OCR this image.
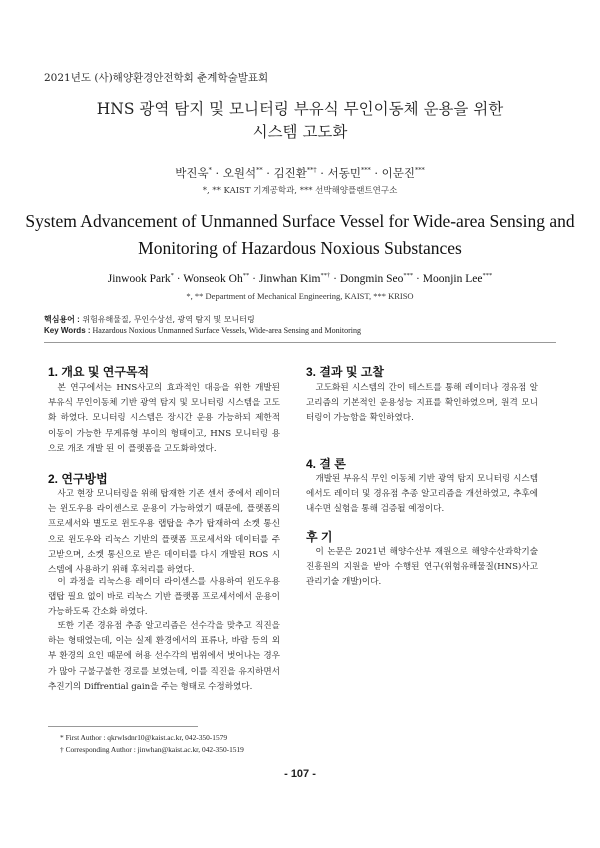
2021년도 (사)해양환경안전학회 춘계학술발표회
HNS 광역 탐지 및 모니터링 부유식 무인이동체 운용을 위한
시스템 고도화
박진욱* · 오원석** · 김진환**† · 서동민*** · 이문진***
*, ** KAIST 기계공학과, *** 선박해양플랜트연구소
System Advancement of Unmanned Surface Vessel for Wide-area Sensing and
Monitoring of Hazardous Noxious Substances
Jinwook Park* · Wonseok Oh** · Jinwhan Kim**† · Dongmin Seo*** · Moonjin Lee***
*, ** Department of Mechanical Engineering, KAIST, *** KRISO
핵심용어 : 위험유해물질, 무인수상선, 광역 탐지 및 모니터링
Key Words : Hazardous Noxious Unmanned Surface Vessels, Wide-area Sensing and Monitoring
1. 개요 및 연구목적
본 연구에서는 HNS사고의 효과적인 대응을 위한 개발된 부유식 무인이동체 기반 광역 탐지 및 모니터링 시스템을 고도화 하였다. 모니터링 시스템은 장시간 운용 가능하되 제한적 이동이 가능한 무게류형 부이의 형태이고, HNS 모니터링 용으로 개조 개발 된 이 플랫폼을 고도화하였다.
2. 연구방법
사고 현장 모니터링을 위해 탑재한 기존 센서 중에서 레이더는 윈도우용 라이센스로 운용이 가능하였기 때문에, 플랫폼의 프로세서와 별도로 윈도우용 랩탑을 추가 탑재하여 소켓 통신으로 윈도우와 리눅스 기반의 플랫폼 프로세서와 데이터를 주고받으며, 소켓 통신으로 받은 데이터를 다시 개발된 ROS 시스템에 사용하기 위해 후처리를 하였다.
이 과정을 리눅스용 레이더 라이센스를 사용하여 윈도우용 랩탑 필요 없이 바로 리눅스 기반 플랫폼 프로세서에서 운용이 가능하도록 간소화 하였다.
또한 기존 경유점 추종 알고리즘은 선수각을 맞추고 직진을 하는 형태였는데, 이는 실제 환경에서의 표류나, 바람 등의 외부 환경의 요인 때문에 허용 선수각의 범위에서 벗어나는 경우가 많아 구불구불한 경로를 보였는데, 이를 직진을 유지하면서 추진기의 Diffrential gain을 주는 형태로 수정하였다.
3. 결과 및 고찰
고도화된 시스템의 간이 테스트를 통해 레이더나 경유점 알고리즘의 기본적인 운용성능 지표를 확인하였으며, 원격 모니터링이 가능함을 확인하였다.
4. 결 론
개발된 부유식 무인 이동체 기반 광역 탐지 모니터링 시스템에서도 레이더 및 경유점 추종 알고리즘을 개선하였고, 추후에 내수면 실험을 통해 검증될 예정이다.
후 기
이 논문은 2021년 해양수산부 재원으로 해양수산과학기술진흥원의 지원을 받아 수행된 연구(위험유해물질(HNS)사고 관리기술 개발)이다.
* First Author : qkrwlsdnr10@kaist.ac.kr, 042-350-1579
† Corresponding Author : jinwhan@kaist.ac.kr, 042-350-1519
- 107 -
